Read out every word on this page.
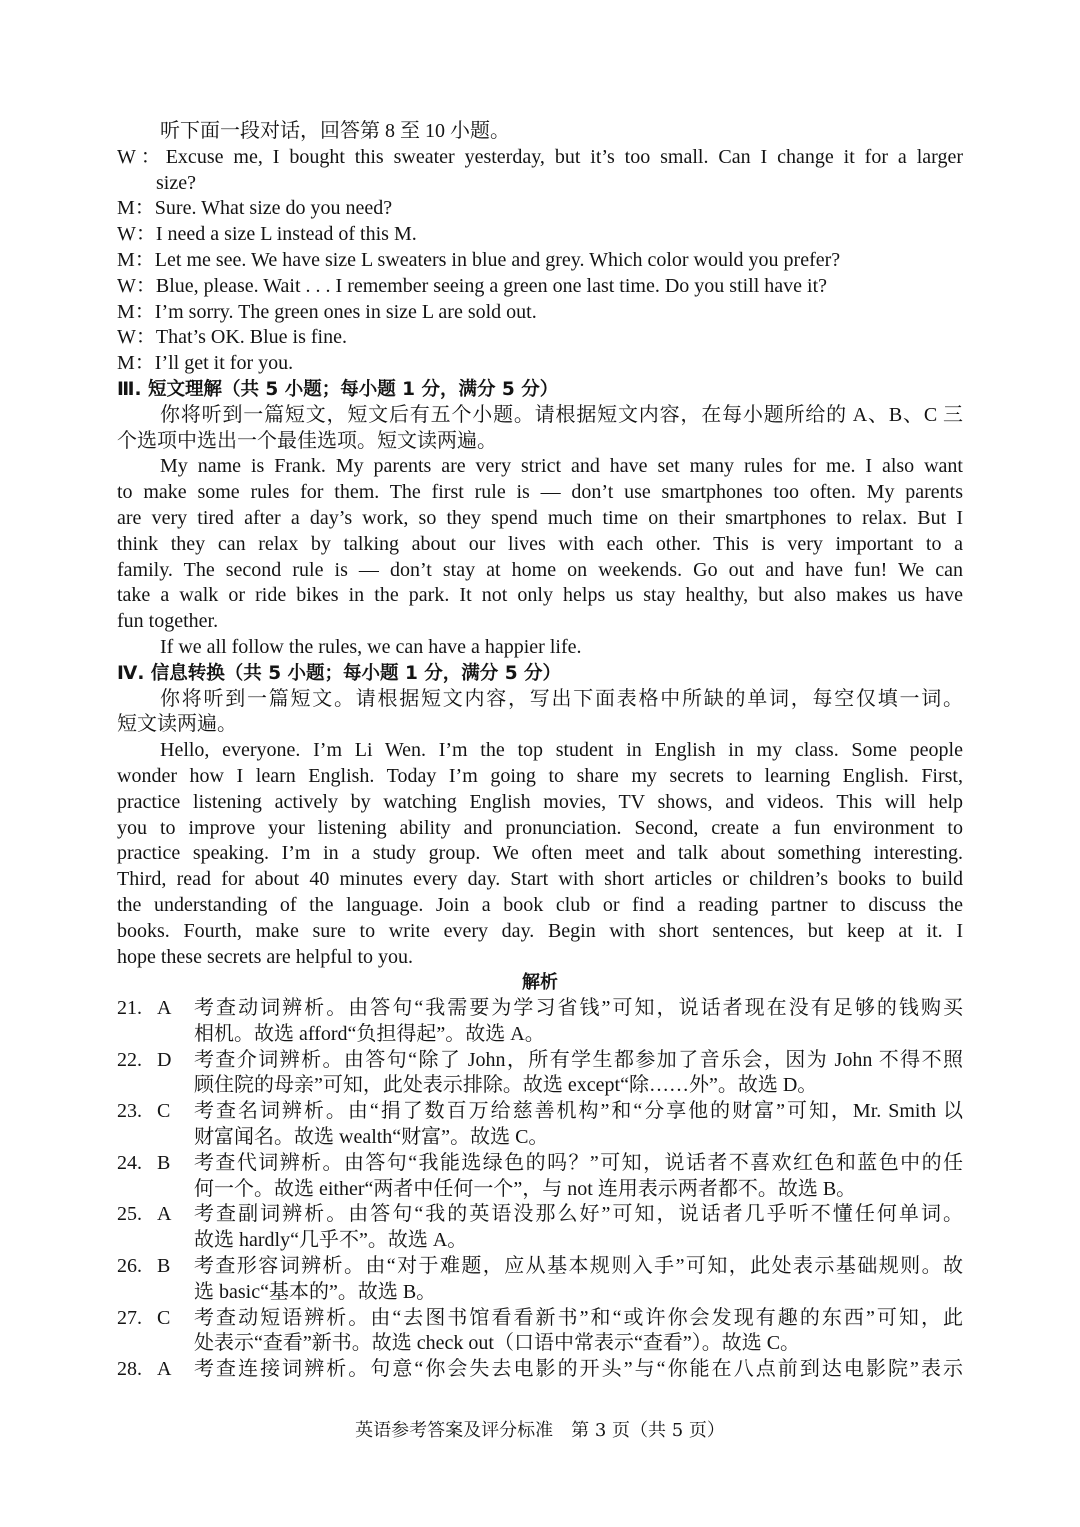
听下面一段对话，回答第 8 至 10 小题。
W：Excuse me, I bought this sweater yesterday, but it’s too small. Can I change it for a larger
size?
M：Sure. What size do you need?
W：I need a size L instead of this M.
M：Let me see. We have size L sweaters in blue and grey. Which color would you prefer?
W：Blue, please. Wait . . . I remember seeing a green one last time. Do you still have it?
M：I’m sorry. The green ones in size L are sold out.
W：That’s OK. Blue is fine.
M：I’ll get it for you.
Ⅲ. 短文理解（共 5 小题；每小题 1 分，满分 5 分）
你将听到一篇短文，短文后有五个小题。请根据短文内容，在每小题所给的 A、B、C 三
个选项中选出一个最佳选项。短文读两遍。
My name is Frank. My parents are very strict and have set many rules for me. I also want
to make some rules for them. The first rule is — don’t use smartphones too often. My parents
are very tired after a day’s work, so they spend much time on their smartphones to relax. But I
think they can relax by talking about our lives with each other. This is very important to a
family. The second rule is — don’t stay at home on weekends. Go out and have fun! We can
take a walk or ride bikes in the park. It not only helps us stay healthy, but also makes us have
fun together.
If we all follow the rules, we can have a happier life.
Ⅳ. 信息转换（共 5 小题；每小题 1 分，满分 5 分）
你将听到一篇短文。请根据短文内容，写出下面表格中所缺的单词，每空仅填一词。
短文读两遍。
Hello, everyone. I’m Li Wen. I’m the top student in English in my class. Some people
wonder how I learn English. Today I’m going to share my secrets to learning English. First,
practice listening actively by watching English movies, TV shows, and videos. This will help
you to improve your listening ability and pronunciation. Second, create a fun environment to
practice speaking. I’m in a study group. We often meet and talk about something interesting.
Third, read for about 40 minutes every day. Start with short articles or children’s books to build
the understanding of the language. Join a book club or find a reading partner to discuss the
books. Fourth, make sure to write every day. Begin with short sentences, but keep at it. I
hope these secrets are helpful to you.
解析
21. A 考查动词辨析。由答句“我需要为学习省钱”可知，说话者现在没有足够的钱购买
相机。故选 afford“负担得起”。故选 A。
22. D 考查介词辨析。由答句“除了 John，所有学生都参加了音乐会，因为 John 不得不照
顾住院的母亲”可知，此处表示排除。故选 except“除……外”。故选 D。
23. C 考查名词辨析。由“捐了数百万给慈善机构”和“分享他的财富”可知，Mr. Smith 以
财富闻名。故选 wealth“财富”。故选 C。
24. B 考查代词辨析。由答句“我能选绿色的吗？”可知，说话者不喜欢红色和蓝色中的任
何一个。故选 either“两者中任何一个”，与 not 连用表示两者都不。故选 B。
25. A 考查副词辨析。由答句“我的英语没那么好”可知，说话者几乎听不懂任何单词。
故选 hardly“几乎不”。故选 A。
26. B 考查形容词辨析。由“对于难题，应从基本规则入手”可知，此处表示基础规则。故
选 basic“基本的”。故选 B。
27. C 考查动短语辨析。由“去图书馆看看新书”和“或许你会发现有趣的东西”可知，此
处表示“查看”新书。故选 check out（口语中常表示“查看”）。故选 C。
28. A 考查连接词辨析。句意“你会失去电影的开头”与“你能在八点前到达电影院”表示
英语参考答案及评分标准　第 3 页（共 5 页）
